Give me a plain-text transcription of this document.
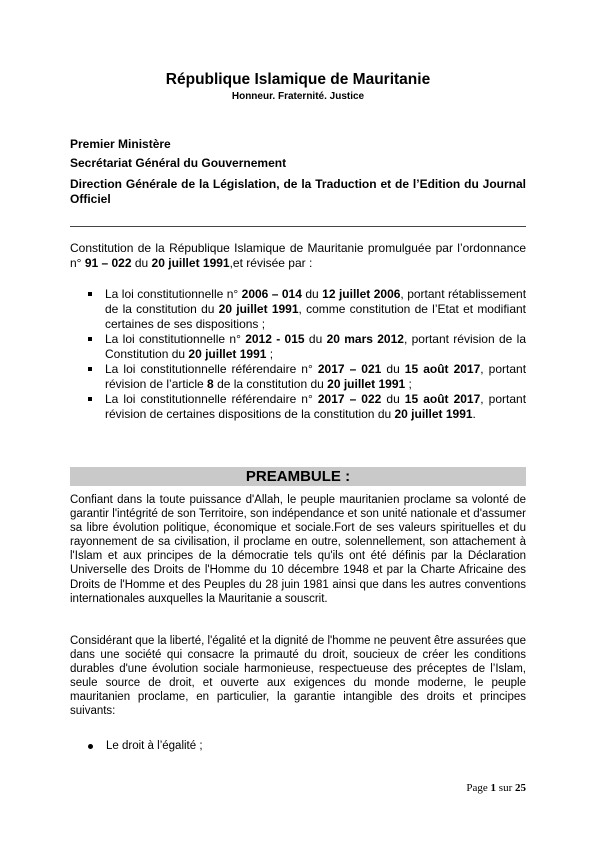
République Islamique de Mauritanie
Honneur. Fraternité. Justice
Premier Ministère
Secrétariat Général du Gouvernement
Direction Générale de la Législation, de la Traduction et de l’Edition du Journal Officiel
Constitution de la République Islamique de Mauritanie promulguée par l’ordonnance n° 91 – 022 du 20 juillet 1991,et révisée par :
La loi constitutionnelle n° 2006 – 014 du 12 juillet 2006, portant rétablissement de la constitution du 20 juillet 1991, comme constitution de l’Etat et modifiant certaines de ses dispositions ;
La loi constitutionnelle n° 2012 - 015 du 20 mars 2012, portant révision de la Constitution du 20 juillet 1991 ;
La loi constitutionnelle référendaire n° 2017 – 021 du 15 août 2017, portant révision de l’article 8 de la constitution du 20 juillet 1991 ;
La loi constitutionnelle référendaire n° 2017 – 022 du 15 août 2017, portant révision de certaines dispositions de la constitution du 20 juillet 1991.
PREAMBULE :
Confiant dans la toute puissance d'Allah, le peuple mauritanien proclame sa volonté de garantir l'intégrité de son Territoire, son indépendance et son unité nationale et d'assumer sa libre évolution politique, économique et sociale.Fort de ses valeurs spirituelles et du rayonnement de sa civilisation, il proclame en outre, solennellement, son attachement à l'Islam et aux principes de la démocratie tels qu'ils ont été définis par la Déclaration Universelle des Droits de l'Homme du 10 décembre 1948 et par la Charte Africaine des Droits de l'Homme et des Peuples du 28 juin 1981 ainsi que dans les autres conventions internationales auxquelles la Mauritanie a souscrit.
Considérant que la liberté, l'égalité et la dignité de l'homme ne peuvent être assurées que dans une société qui consacre la primauté du droit, soucieux de créer les conditions durables d'une évolution sociale harmonieuse, respectueuse des préceptes de l’Islam, seule source de droit, et ouverte aux exigences du monde moderne, le peuple mauritanien proclame, en particulier, la garantie intangible des droits et principes suivants:
Le droit à l’égalité ;
Page 1 sur 25
